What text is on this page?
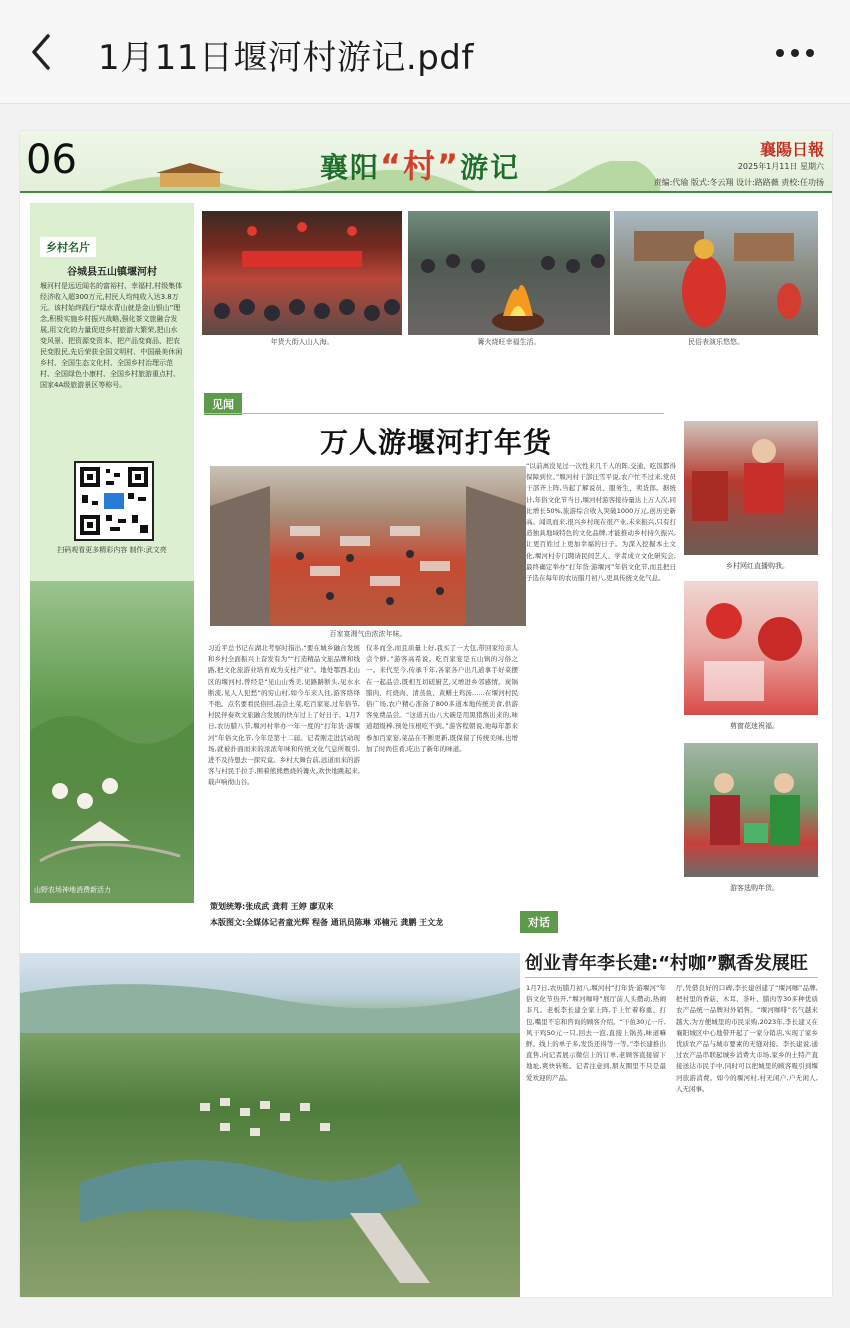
1月11日堰河村游记.pdf
06	襄阳“村”游记
襄陽日報
2025年1月11日 星期六
责编:代瑜 版式:冬云翔 设计:路路薇 责校:任功扬
乡村名片
谷城县五山镇堰河村
堰河村是远近闻名的富裕村、幸福村,村级集体经济收入超300万元,村民人均纯收入达3.8万元。该村始终践行“绿水青山就是金山银山”理念,积极实施乡村振兴战略,强化茶文旅融合发展,用文化的力量促进乡村旅游大繁荣,把山水变风景、把资源变资本、把产品变商品、把农民变股民,先后荣获全国文明村、中国最美休闲乡村、全国生态文化村、全国乡村治理示范村、全国绿色小康村、全国乡村旅游重点村、国家4A级旅游景区等称号。
扫码观看更多精彩内容 制作:武文亮
山野农场神地消费新活力
年货大街人山人海。	篝火烧旺幸福生活。	民俗表演乐悠悠。
见闻
万人游堰河打年货
百家宴湘气由浓浓年味。
习近平总书记在湖北考察时指出,“要在城乡融合发展和乡村全面振兴上奋发有为”“打造精品文旅品牌和线路,把文化旅游业培育成为支柱产业”。地处鄂西北山区的堰河村,曾经是“见山山秀美,见路路断头,见水水断流,见人人犯愁”的穷山村,如今车来人往,游客络绎不绝。点名要看民俗回,品尝土菜,吃百家宴,过年俗节,村民伴奏欢文旅融合发展的快车过上了好日子。1月7日,农历腊八节,堰河村举办一年一度的“打年货·游堰河”年俗文化节,今年是第十二届。记者刚走进活动现场,就被扑面而来的浓浓年味和传统文化气息所吸引,进不及待想去一探究竟。乡村大舞台前,远道而来的游客与村民手拉手,围着熊熊燃烧的篝火,欢快地跳起来,载声响彻山谷。
仅多而全,而且质量上好,我买了一大包,带回家给亲人尝个鲜。”游客高希说。吃百家宴是五山镇的习俗之一。来代至今,传承千年,各家各户出几道拿手好菜摆在一起品尝,既相互切磋厨艺,又增进乡邻感情。炭锅腊肉、红烧肉、清蒸鱼、黄鳝土鸡汤……在堰河村民俗广场,农户精心准备了800多道本地传统美食,供游客免费品尝。“这道五山八大碗是用黑猪熬出来的,味道超级棒,预处压根吃不到。”游客程朝说,他每年都来参加百家宴,菜品在不断更新,既保留了传统美味,也增加了时尚佳肴,吃出了新年的味道。
“以前离没见过一次性来几千人的阵,交通、吃饭都得保障到位。”堰河村干部汪雪平说,农户忙不过来,党员干部齐上阵,当起了解说员、服务生、卖货郎。据统计,年俗文化节当日,堰河村游客接待量达上万人次,同比增长50%,旅游综合收入突破1000万元,创历史新高。闻讯而来,很兴乡村现在很产业,未来振兴,只有打造独具地域特色的文化品牌,才能推动乡村持久振兴,让更百姓过上更加幸福的日子。为深入挖掘本土文化,堰河村专门聘请民间艺人、学者成立文化研究会,最终确定举办“打年货·游堰河”年俗文化节,而且把日子选在每年的农历腊月初八,更具传统文化气息。
乡村网红直播购我。
剪窗花迷祝福。
游客选购年货。
策划统筹:张成武 龚莉 王婷 廖双来
本版图文:全媒体记者童光辉 程备 通讯员陈琳 邓楠元 龚鹏 王文龙	对话
创业青年李长建:“村咖”飘香发展旺
1月7日,农历腊月初八,堰河村“打年货·游堰河”年俗文化节热开,“堰河咖啡”展厅前人头攒动,热闹非凡。老板李长建全家上阵,手上忙着称重、打包,嘴里不忘和咨询的顾客介绍。“干鱼30元一斤,风干鸡50元一只,回去一泡,直接上锅蒸,味道嘛鲜。线上的单子多,发货还得等一等。”李长建推出直售,向记者展示微信上的订单,老顾客直接留下地址,爽快转账。记者注意到,朋友圈里不只是最爱欢迎的产品。
厅,凭借良好的口碑,李长建创建了“堰河咖”品牌,把村里的香菇、木耳、茶叶、腊肉等30多种优质农产品统一品牌对外销售。“堰河咖啡”名气越来越大,为方便城里的市民采购,2023年,李长建又在襄阳城区中心地带开起了一家分销店,实现了家乡优质农产品与城市要素的无缝对接。李长建说,通过农产品串联起城乡消费大市场,家乡的土特产直接送达市民手中,同时可以把城里的顾客吸引到堰河旅游消费。如今的堰河村,村无闲户,户无闲人,人无闲事。
